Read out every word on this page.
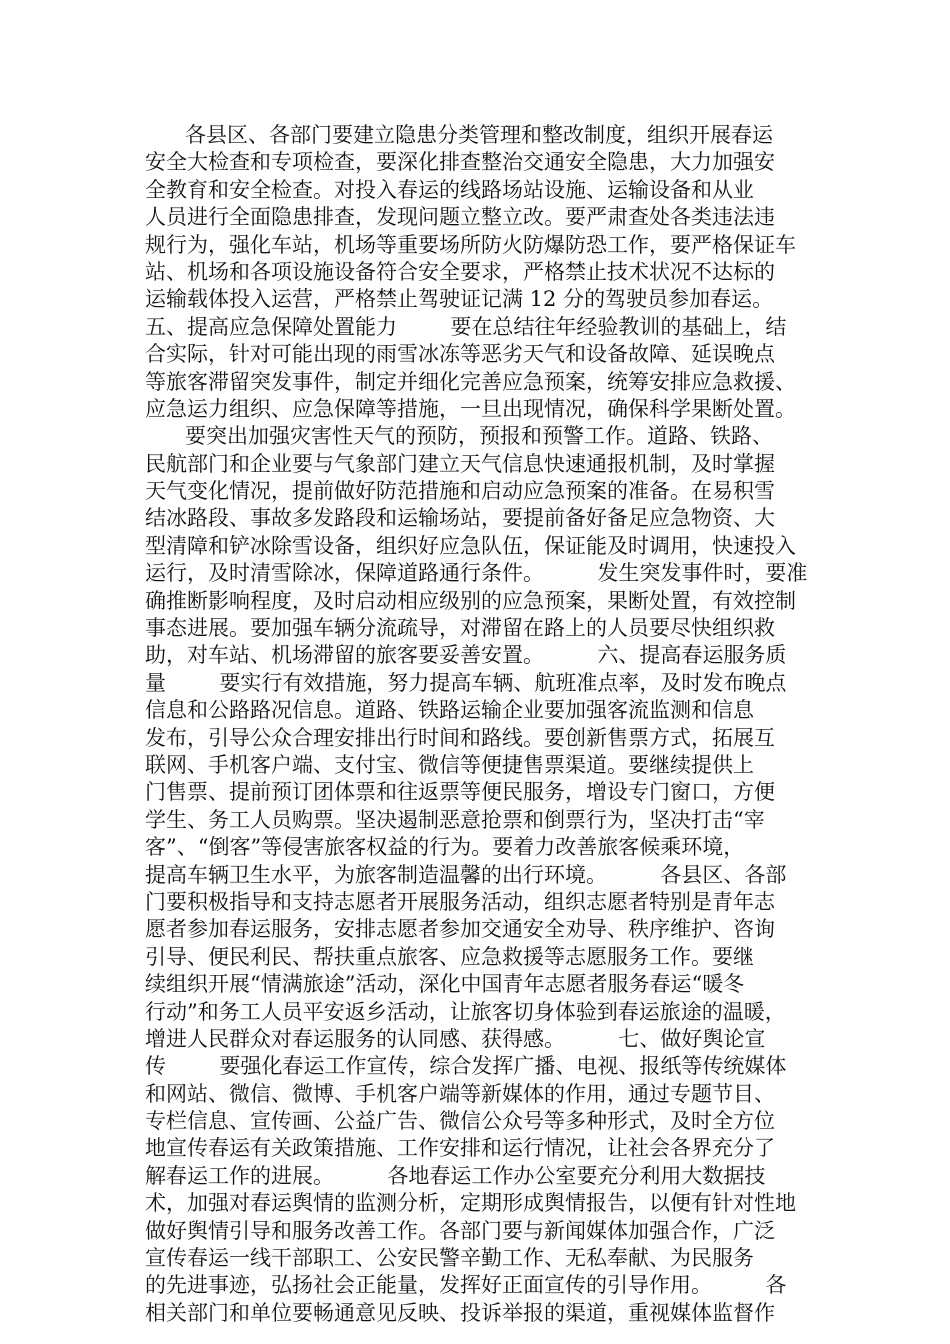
各县区、各部门要建立隐患分类管理和整改制度，组织开展春运
安全大检查和专项检查，要深化排查整治交通安全隐患，大力加强安
全教育和安全检查。对投入春运的线路场站设施、运输设备和从业
人员进行全面隐患排查，发现问题立整立改。要严肃查处各类违法违
规行为，强化车站，机场等重要场所防火防爆防恐工作，要严格保证车
站、机场和各项设施设备符合安全要求，严格禁止技术状况不达标的
运输载体投入运营，严格禁止驾驶证记满 12 分的驾驶员参加春运。
五、提高应急保障处置能力        要在总结往年经验教训的基础上，结
合实际，针对可能出现的雨雪冰冻等恶劣天气和设备故障、延误晚点
等旅客滞留突发事件，制定并细化完善应急预案，统筹安排应急救援、
应急运力组织、应急保障等措施，一旦出现情况，确保科学果断处置。
要突出加强灾害性天气的预防，预报和预警工作。道路、铁路、
民航部门和企业要与气象部门建立天气信息快速通报机制，及时掌握
天气变化情况，提前做好防范措施和启动应急预案的准备。在易积雪
结冰路段、事故多发路段和运输场站，要提前备好备足应急物资、大
型清障和铲冰除雪设备，组织好应急队伍，保证能及时调用，快速投入
运行，及时清雪除冰，保障道路通行条件。        发生突发事件时，要准
确推断影响程度，及时启动相应级别的应急预案，果断处置，有效控制
事态进展。要加强车辆分流疏导，对滞留在路上的人员要尽快组织救
助，对车站、机场滞留的旅客要妥善安置。        六、提高春运服务质
量        要实行有效措施，努力提高车辆、航班准点率，及时发布晚点
信息和公路路况信息。道路、铁路运输企业要加强客流监测和信息
发布，引导公众合理安排出行时间和路线。要创新售票方式，拓展互
联网、手机客户端、支付宝、微信等便捷售票渠道。要继续提供上
门售票、提前预订团体票和往返票等便民服务，增设专门窗口，方便
学生、务工人员购票。坚决遏制恶意抢票和倒票行为，坚决打击“宰
客”、“倒客”等侵害旅客权益的行为。要着力改善旅客候乘环境，
提高车辆卫生水平，为旅客制造温馨的出行环境。        各县区、各部
门要积极指导和支持志愿者开展服务活动，组织志愿者特别是青年志
愿者参加春运服务，安排志愿者参加交通安全劝导、秩序维护、咨询
引导、便民利民、帮扶重点旅客、应急救援等志愿服务工作。要继
续组织开展“情满旅途”活动，深化中国青年志愿者服务春运“暖冬
行动”和务工人员平安返乡活动，让旅客切身体验到春运旅途的温暖，
增进人民群众对春运服务的认同感、获得感。        七、做好舆论宣
传        要强化春运工作宣传，综合发挥广播、电视、报纸等传统媒体
和网站、微信、微博、手机客户端等新媒体的作用，通过专题节目、
专栏信息、宣传画、公益广告、微信公众号等多种形式，及时全方位
地宣传春运有关政策措施、工作安排和运行情况，让社会各界充分了
解春运工作的进展。        各地春运工作办公室要充分利用大数据技
术，加强对春运舆情的监测分析，定期形成舆情报告，以便有针对性地
做好舆情引导和服务改善工作。各部门要与新闻媒体加强合作，广泛
宣传春运一线干部职工、公安民警辛勤工作、无私奉献、为民服务
的先进事迹，弘扬社会正能量，发挥好正面宣传的引导作用。        各
相关部门和单位要畅通意见反映、投诉举报的渠道，重视媒体监督作
